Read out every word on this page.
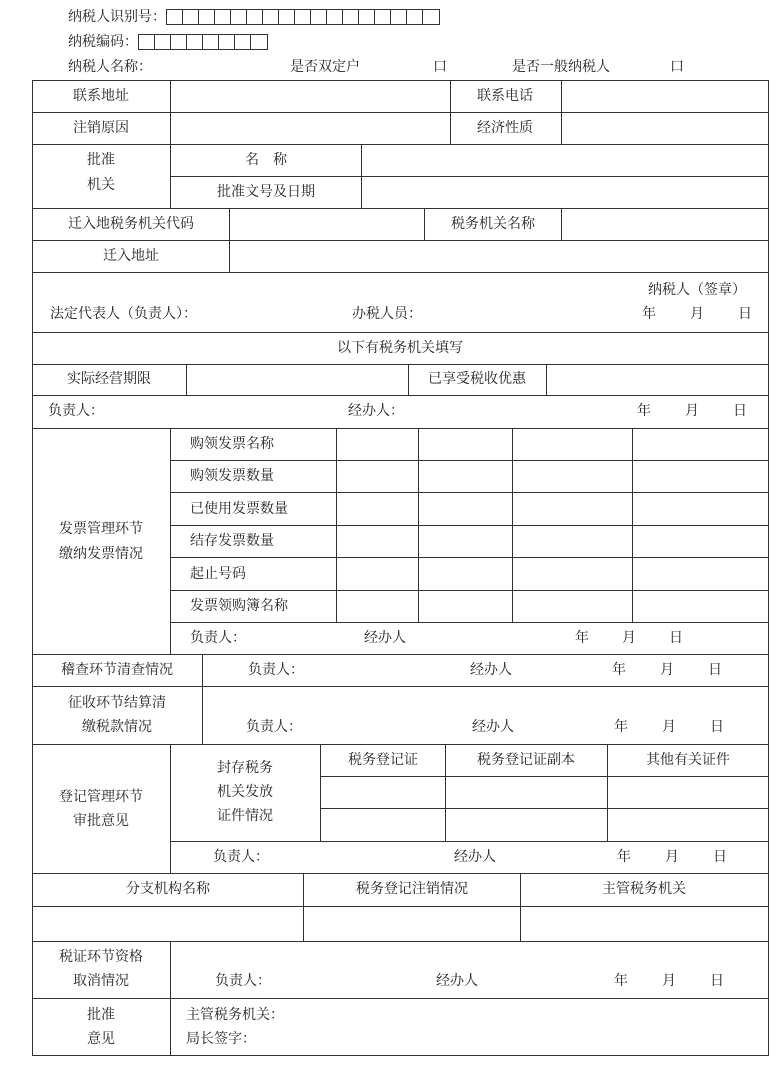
纳税人识别号：
纳税编码：
纳税人名称：	是否双定户	口	是否一般纳税人	口
联系地址	联系电话
注销原因	经济性质
批准
机关
名　称
批准文号及日期
迁入地税务机关代码	税务机关名称
迁入地址
纳税人（签章）
法定代表人（负责人）：	办税人员：	年 月 日
以下有税务机关填写
实际经营期限	已享受税收优惠
负责人：	经办人：	年 月 日
发票管理环节
缴纳发票情况
购领发票名称
购领发票数量
已使用发票数量
结存发票数量
起止号码
发票领购簿名称
负责人：	经办人	年 月 日
稽查环节清查情况	负责人：	经办人	年 月 日
征收环节结算清
缴税款情况	负责人：	经办人	年 月 日
登记管理环节
审批意见
封存税务
机关发放
证件情况
税务登记证	税务登记证副本	其他有关证件
负责人：	经办人	年 月 日
分支机构名称	税务登记注销情况	主管税务机关
税证环节资格
取消情况	负责人：	经办人	年 月 日
批准
意见
主管税务机关：
局长签字：
